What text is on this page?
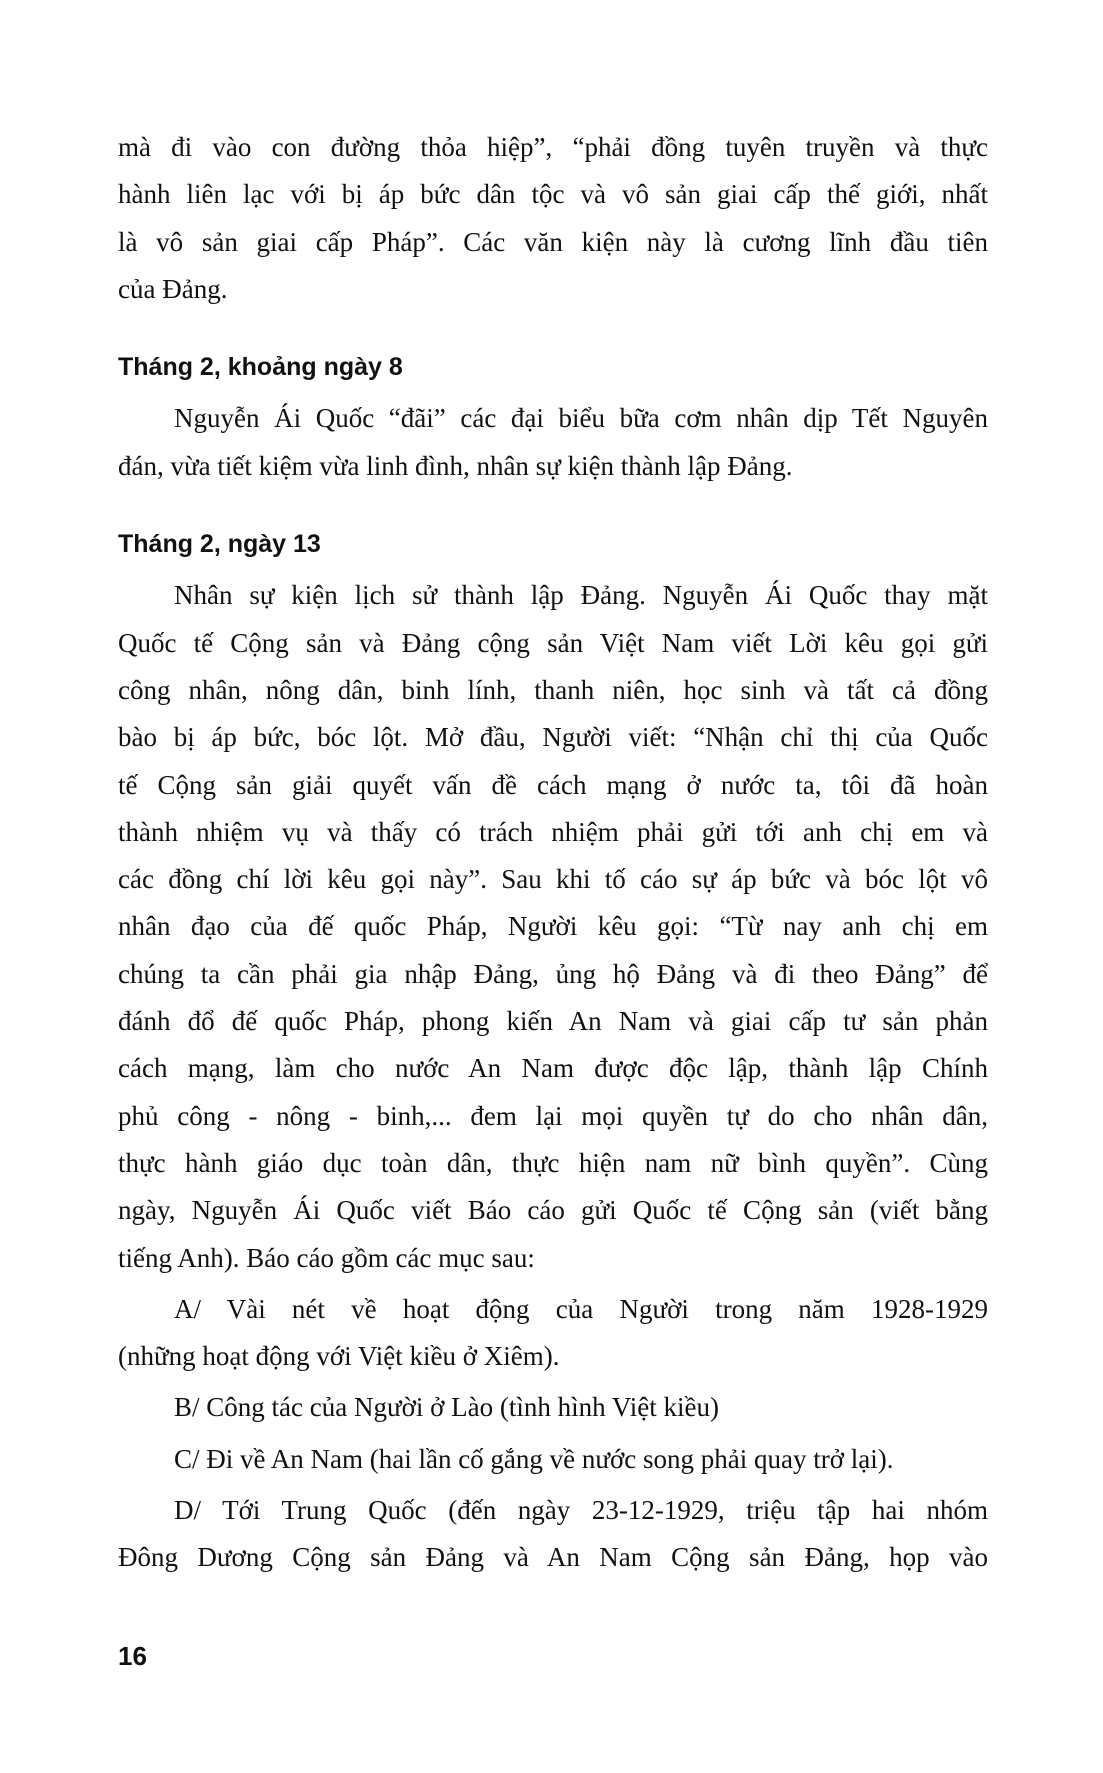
mà đi vào con đường thỏa hiệp”, “phải đồng tuyên truyền và thực
hành liên lạc với bị áp bức dân tộc và vô sản giai cấp thế giới, nhất
là vô sản giai cấp Pháp”. Các văn kiện này là cương lĩnh đầu tiên
của Đảng.
Tháng 2, khoảng ngày 8
Nguyễn Ái Quốc “đãi” các đại biểu bữa cơm nhân dịp Tết Nguyên
đán, vừa tiết kiệm vừa linh đình, nhân sự kiện thành lập Đảng.
Tháng 2, ngày 13
Nhân sự kiện lịch sử thành lập Đảng. Nguyễn Ái Quốc thay mặt
Quốc tế Cộng sản và Đảng cộng sản Việt Nam viết Lời kêu gọi gửi
công nhân, nông dân, binh lính, thanh niên, học sinh và tất cả đồng
bào bị áp bức, bóc lột. Mở đầu, Người viết: “Nhận chỉ thị của Quốc
tế Cộng sản giải quyết vấn đề cách mạng ở nước ta, tôi đã hoàn
thành nhiệm vụ và thấy có trách nhiệm phải gửi tới anh chị em và
các đồng chí lời kêu gọi này”. Sau khi tố cáo sự áp bức và bóc lột vô
nhân đạo của đế quốc Pháp, Người kêu gọi: “Từ nay anh chị em
chúng ta cần phải gia nhập Đảng, ủng hộ Đảng và đi theo Đảng” để
đánh đổ đế quốc Pháp, phong kiến An Nam và giai cấp tư sản phản
cách mạng, làm cho nước An Nam được độc lập, thành lập Chính
phủ công - nông - binh,... đem lại mọi quyền tự do cho nhân dân,
thực hành giáo dục toàn dân, thực hiện nam nữ bình quyền”. Cùng
ngày, Nguyễn Ái Quốc viết Báo cáo gửi Quốc tế Cộng sản (viết bằng
tiếng Anh). Báo cáo gồm các mục sau:
A/ Vài nét về hoạt động của Người trong năm 1928-1929
(những hoạt động với Việt kiều ở Xiêm).
B/ Công tác của Người ở Lào (tình hình Việt kiều)
C/ Đi về An Nam (hai lần cố gắng về nước song phải quay trở lại).
D/ Tới Trung Quốc (đến ngày 23-12-1929, triệu tập hai nhóm
Đông Dương Cộng sản Đảng và An Nam Cộng sản Đảng, họp vào
16
